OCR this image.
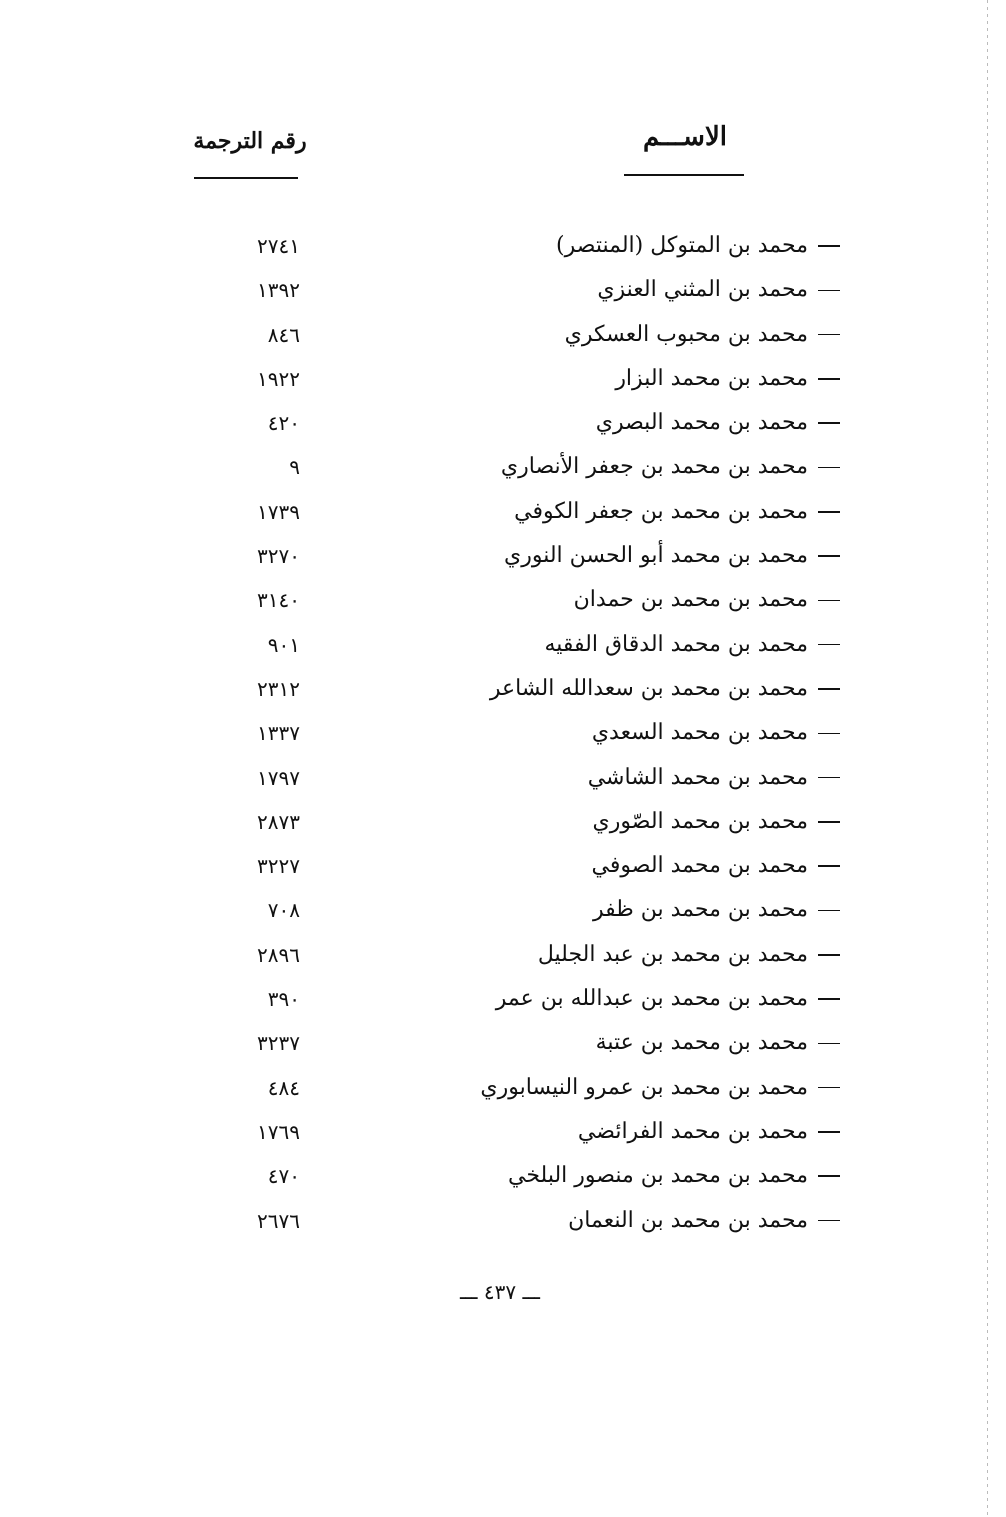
الاســـم
رقم الترجمة
محمد بن المتوكل (المنتصر)
٢٧٤١
محمد بن المثني العنزي
١٣٩٢
محمد بن محبوب العسكري
٨٤٦
محمد بن محمد البزار
١٩٢٢
محمد بن محمد البصري
٤٢٠
محمد بن محمد بن جعفر الأنصاري
٩
محمد بن محمد بن جعفر الكوفي
١٧٣٩
محمد بن محمد أبو الحسن النوري
٣٢٧٠
محمد بن محمد بن حمدان
٣١٤٠
محمد بن محمد الدقاق الفقيه
٩٠١
محمد بن محمد بن سعدالله الشاعر
٢٣١٢
محمد بن محمد السعدي
١٣٣٧
محمد بن محمد الشاشي
١٧٩٧
محمد بن محمد الصّوري
٢٨٧٣
محمد بن محمد الصوفي
٣٢٢٧
محمد بن محمد بن ظفر
٧٠٨
محمد بن محمد بن عبد الجليل
٢٨٩٦
محمد بن محمد بن عبدالله بن عمر
٣٩٠
محمد بن محمد بن عتبة
٣٢٣٧
محمد بن محمد بن عمرو النيسابوري
٤٨٤
محمد بن محمد الفرائضي
١٧٦٩
محمد بن محمد بن منصور البلخي
٤٧٠
محمد بن محمد بن النعمان
٢٦٧٦
ـــ ٤٣٧ ـــ
